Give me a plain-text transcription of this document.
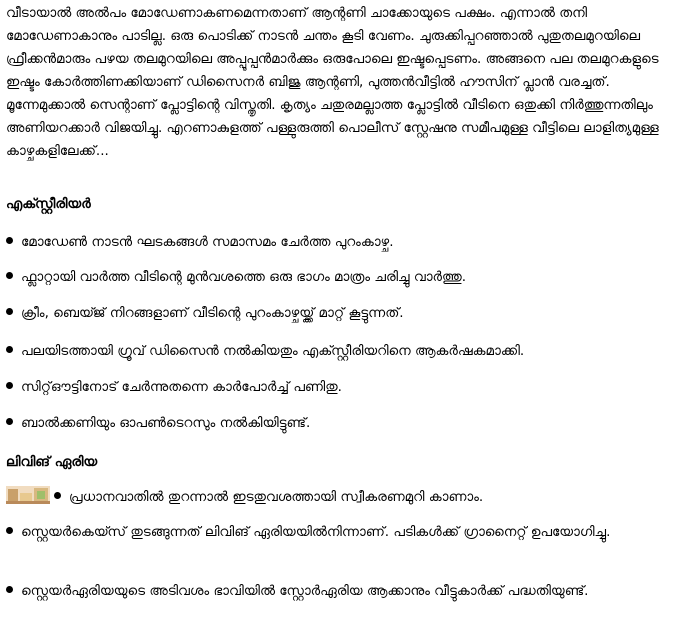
വീടായാൽ അൽപം മോഡേണാകണമെന്നതാണ് ആന്റണി ചാക്കോയുടെ പക്ഷം. എന്നാൽ തനി മോഡേണാകാനും പാടില്ല. ഒരു പൊടിക്ക് നാടൻ ചന്തം കൂടി വേണം. ചുരുക്കിപ്പറഞ്ഞാൽ പുതുതലമുറയിലെ ഫ്രീക്കൻമാരും പഴയ തലമുറയിലെ അപ്പൂപ്പൻമാർക്കും ഒരുപോലെ ഇഷ്ടപ്പെടണം. അങ്ങനെ പല തലമുറകളുടെ ഇഷ്ടം കോർത്തിണക്കിയാണ് ഡിസൈനർ ബിജു ആന്റണി, പുത്തൻവീട്ടിൽ ഹൗസിന് പ്ലാൻ വരച്ചത്. മൂന്നേമുക്കാൽ സെന്റാണ് പ്ലോട്ടിന്റെ വിസ്തൃതി. കൃത്യം ചതുരമല്ലാത്ത പ്ലോട്ടിൽ വീടിനെ ഒതുക്കി നിർത്തുന്നതിലും അണിയറക്കാർ വിജയിച്ചു. എറണാകുളത്ത് പള്ളുരുത്തി പൊലീസ് സ്റ്റേഷനു സമീപമുള്ള വീട്ടിലെ ലാളിത്യമുള്ള കാഴ്ചകളിലേക്ക്...

എക്സ്റ്റീരിയർ

മോഡേൺ നാടൻ ഘടകങ്ങൾ സമാസമം ചേർത്ത പുറംകാഴ്ച.

ഫ്ലാറ്റായി വാർത്ത വീടിന്റെ മുൻവശത്തെ ഒരു ഭാഗം മാത്രം ചരിച്ചു വാർത്തു.

ക്രീം, ബെയ്ജ് നിറങ്ങളാണ് വീടിന്റെ പുറംകാഴ്ചയ്ക്ക് മാറ്റ് കൂട്ടുന്നത്.

പലയിടത്തായി ഗ്രൂവ് ഡിസൈൻ നൽകിയതും എക്സ്റ്റീരിയറിനെ ആകർഷകമാക്കി.

സിറ്റ്ഔട്ടിനോട് ചേർന്നുതന്നെ കാർപോർച്ച് പണിതു.

ബാൽക്കണിയും ഓപൺടെറസും നൽകിയിട്ടുണ്ട്.

ലിവിങ് ഏരിയ

പ്രധാനവാതിൽ തുറന്നാൽ ഇടതുവശത്തായി സ്വീകരണമുറി കാണാം.

സ്റ്റെയർകെയ്സ് തുടങ്ങുന്നത് ലിവിങ് ഏരിയയിൽനിന്നാണ്. പടികൾക്ക് ഗ്രാനൈറ്റ് ഉപയോഗിച്ചു.

സ്റ്റെയർഏരിയയുടെ അടിവശം ഭാവിയിൽ സ്റ്റോർഏരിയ ആക്കാനും വീട്ടുകാർക്ക് പദ്ധതിയുണ്ട്.
